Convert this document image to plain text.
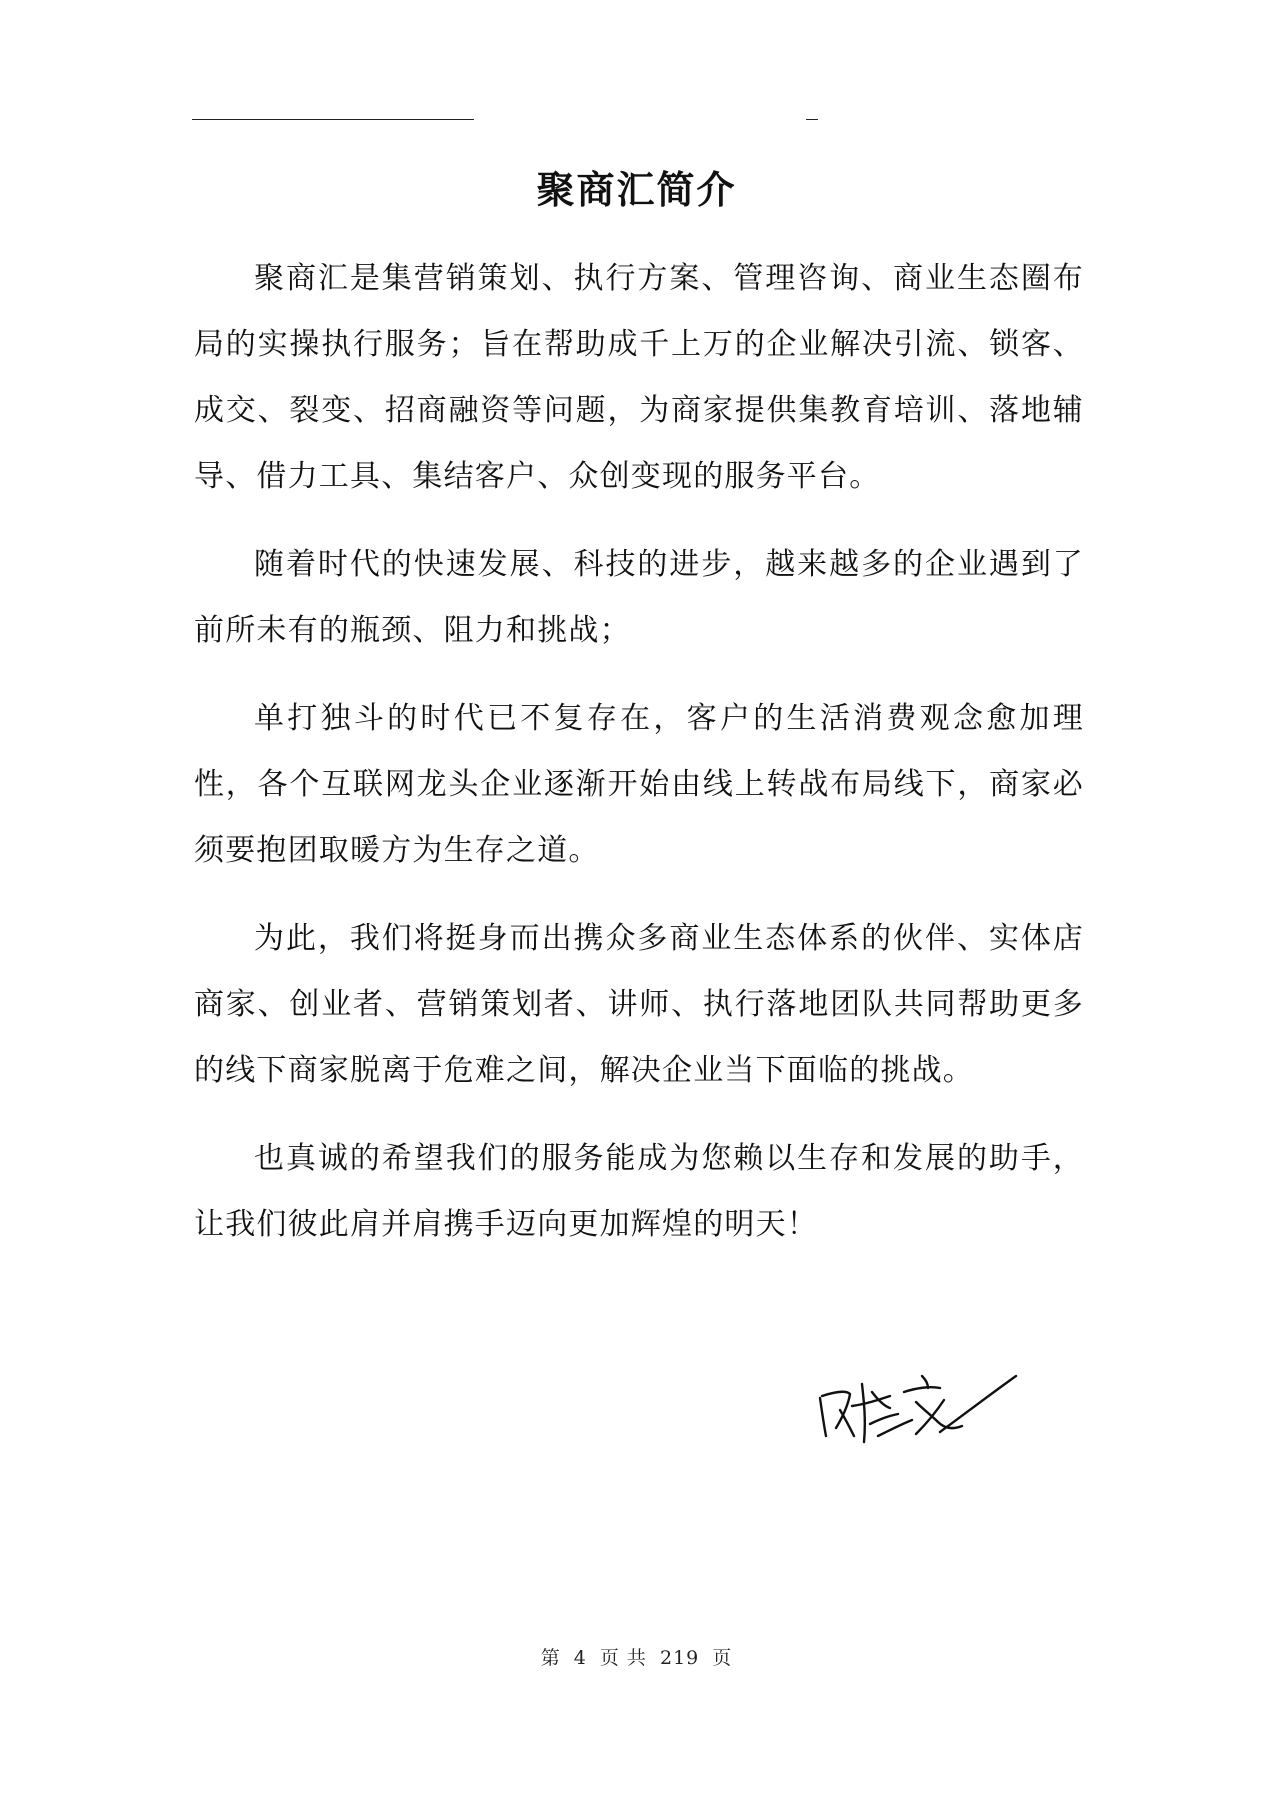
聚商汇简介

聚商汇是集营销策划、执行方案、管理咨询、商业生态圈布局的实操执行服务；旨在帮助成千上万的企业解决引流、锁客、成交、裂变、招商融资等问题，为商家提供集教育培训、落地辅导、借力工具、集结客户、众创变现的服务平台。

随着时代的快速发展、科技的进步，越来越多的企业遇到了前所未有的瓶颈、阻力和挑战；

单打独斗的时代已不复存在，客户的生活消费观念愈加理性，各个互联网龙头企业逐渐开始由线上转战布局线下，商家必须要抱团取暖方为生存之道。

为此，我们将挺身而出携众多商业生态体系的伙伴、实体店商家、创业者、营销策划者、讲师、执行落地团队共同帮助更多的线下商家脱离于危难之间，解决企业当下面临的挑战。

也真诚的希望我们的服务能成为您赖以生存和发展的助手，让我们彼此肩并肩携手迈向更加辉煌的明天！

第 4 页 共 219 页
